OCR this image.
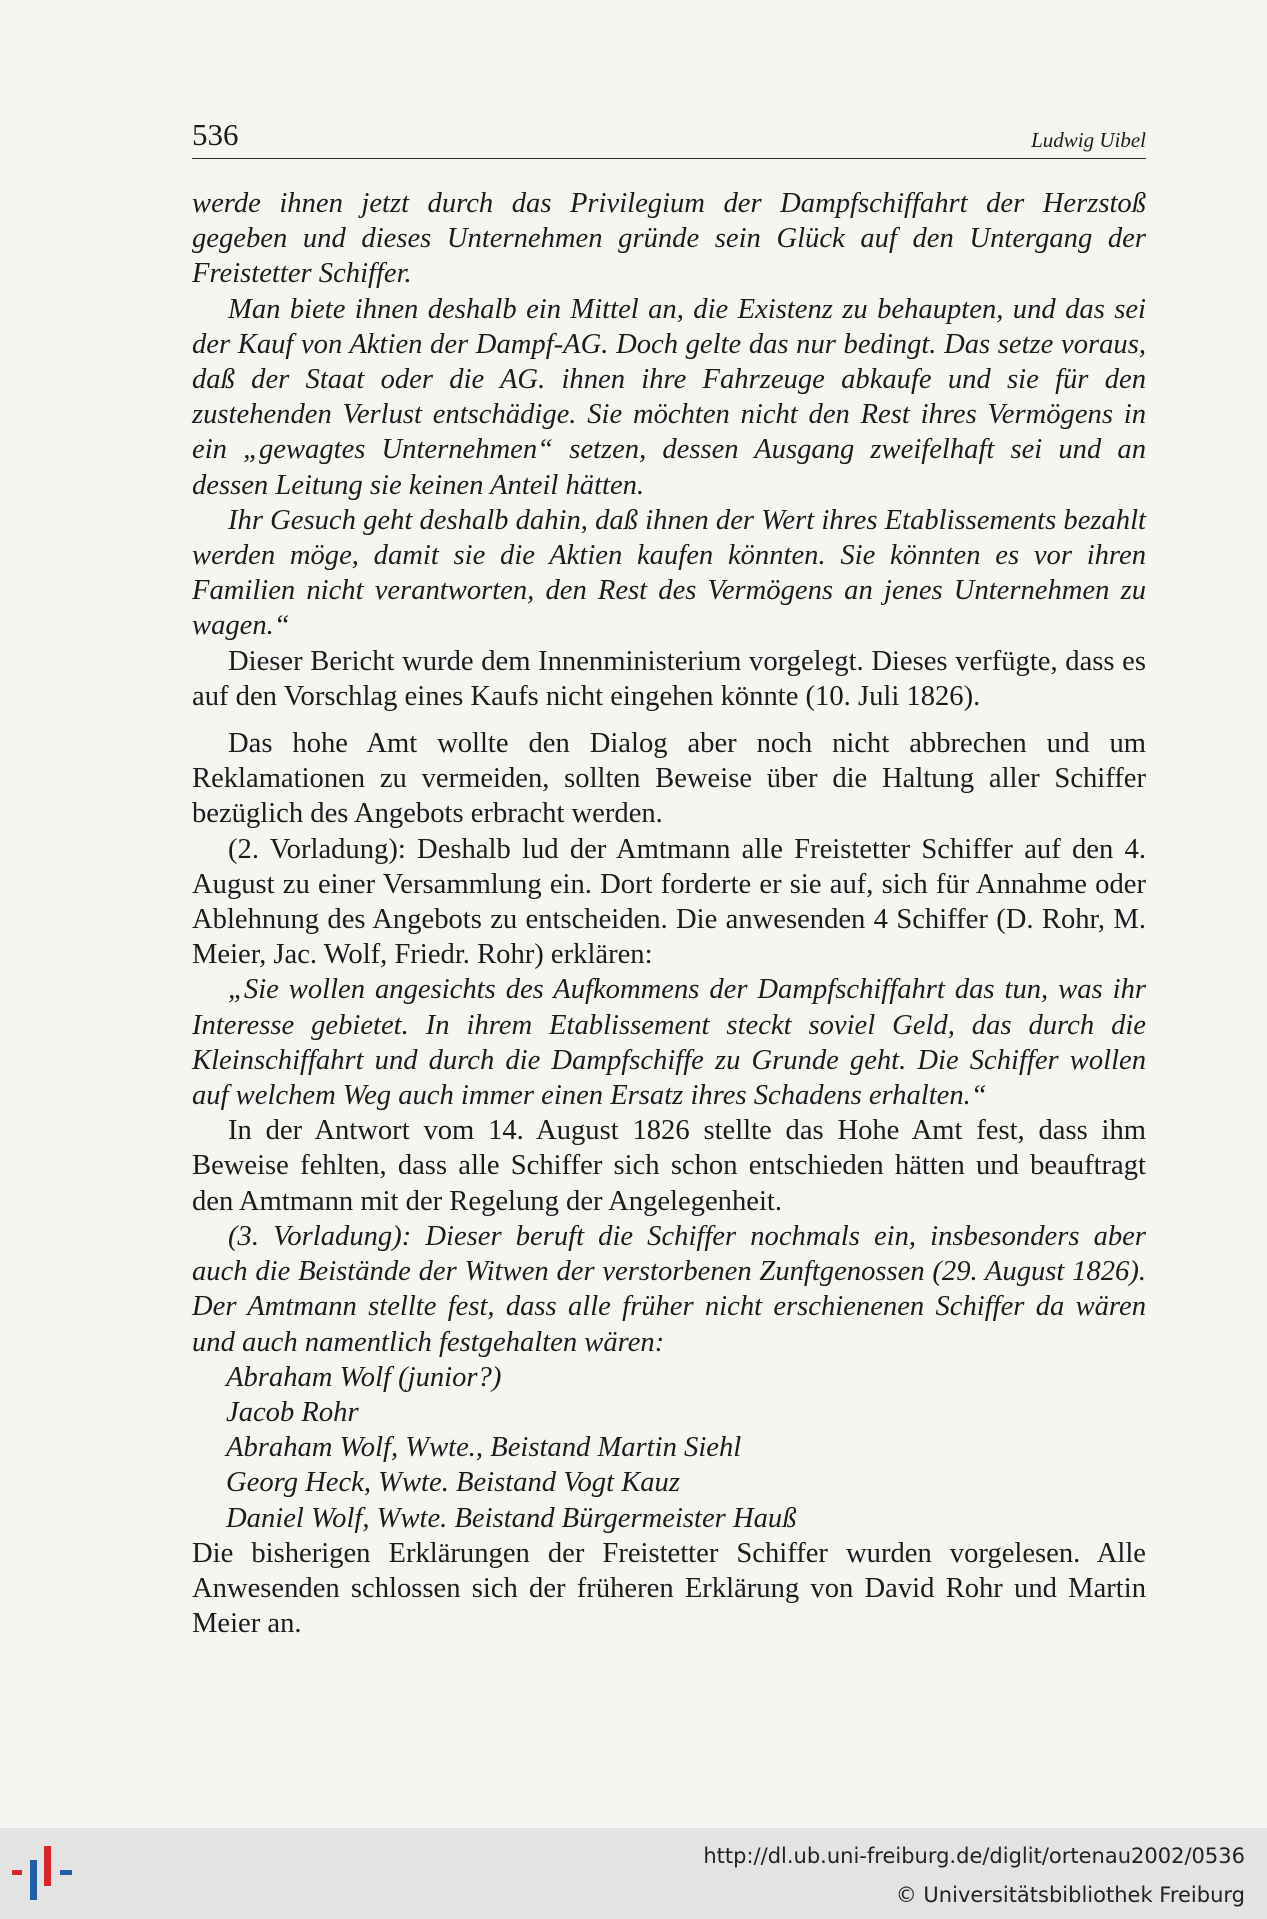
536	Ludwig Uibel

werde ihnen jetzt durch das Privilegium der Dampfschiffahrt der Herzstoß gegeben und dieses Unternehmen gründe sein Glück auf den Untergang der Freistetter Schiffer.

Man biete ihnen deshalb ein Mittel an, die Existenz zu behaupten, und das sei der Kauf von Aktien der Dampf-AG. Doch gelte das nur bedingt. Das setze voraus, daß der Staat oder die AG. ihnen ihre Fahrzeuge abkaufe und sie für den zustehenden Verlust entschädige. Sie möchten nicht den Rest ihres Vermögens in ein „gewagtes Unternehmen“ setzen, dessen Ausgang zweifelhaft sei und an dessen Leitung sie keinen Anteil hätten.

Ihr Gesuch geht deshalb dahin, daß ihnen der Wert ihres Etablissements bezahlt werden möge, damit sie die Aktien kaufen könnten. Sie könnten es vor ihren Familien nicht verantworten, den Rest des Vermögens an jenes Unternehmen zu wagen.“

Dieser Bericht wurde dem Innenministerium vorgelegt. Dieses verfügte, dass es auf den Vorschlag eines Kaufs nicht eingehen könnte (10. Juli 1826).

Das hohe Amt wollte den Dialog aber noch nicht abbrechen und um Reklamationen zu vermeiden, sollten Beweise über die Haltung aller Schiffer bezüglich des Angebots erbracht werden.

(2. Vorladung): Deshalb lud der Amtmann alle Freistetter Schiffer auf den 4. August zu einer Versammlung ein. Dort forderte er sie auf, sich für Annahme oder Ablehnung des Angebots zu entscheiden. Die anwesenden 4 Schiffer (D. Rohr, M. Meier, Jac. Wolf, Friedr. Rohr) erklären:

„Sie wollen angesichts des Aufkommens der Dampfschiffahrt das tun, was ihr Interesse gebietet. In ihrem Etablissement steckt soviel Geld, das durch die Kleinschiffahrt und durch die Dampfschiffe zu Grunde geht. Die Schiffer wollen auf welchem Weg auch immer einen Ersatz ihres Schadens erhalten.“

In der Antwort vom 14. August 1826 stellte das Hohe Amt fest, dass ihm Beweise fehlten, dass alle Schiffer sich schon entschieden hätten und beauftragt den Amtmann mit der Regelung der Angelegenheit.

(3. Vorladung): Dieser beruft die Schiffer nochmals ein, insbesonders aber auch die Beistände der Witwen der verstorbenen Zunftgenossen (29. August 1826). Der Amtmann stellte fest, dass alle früher nicht erschienenen Schiffer da wären und auch namentlich festgehalten wären:

Abraham Wolf (junior?)
Jacob Rohr
Abraham Wolf, Wwte., Beistand Martin Siehl
Georg Heck, Wwte. Beistand Vogt Kauz
Daniel Wolf, Wwte. Beistand Bürgermeister Hauß

Die bisherigen Erklärungen der Freistetter Schiffer wurden vorgelesen. Alle Anwesenden schlossen sich der früheren Erklärung von David Rohr und Martin Meier an.

http://dl.ub.uni-freiburg.de/diglit/ortenau2002/0536
© Universitätsbibliothek Freiburg
